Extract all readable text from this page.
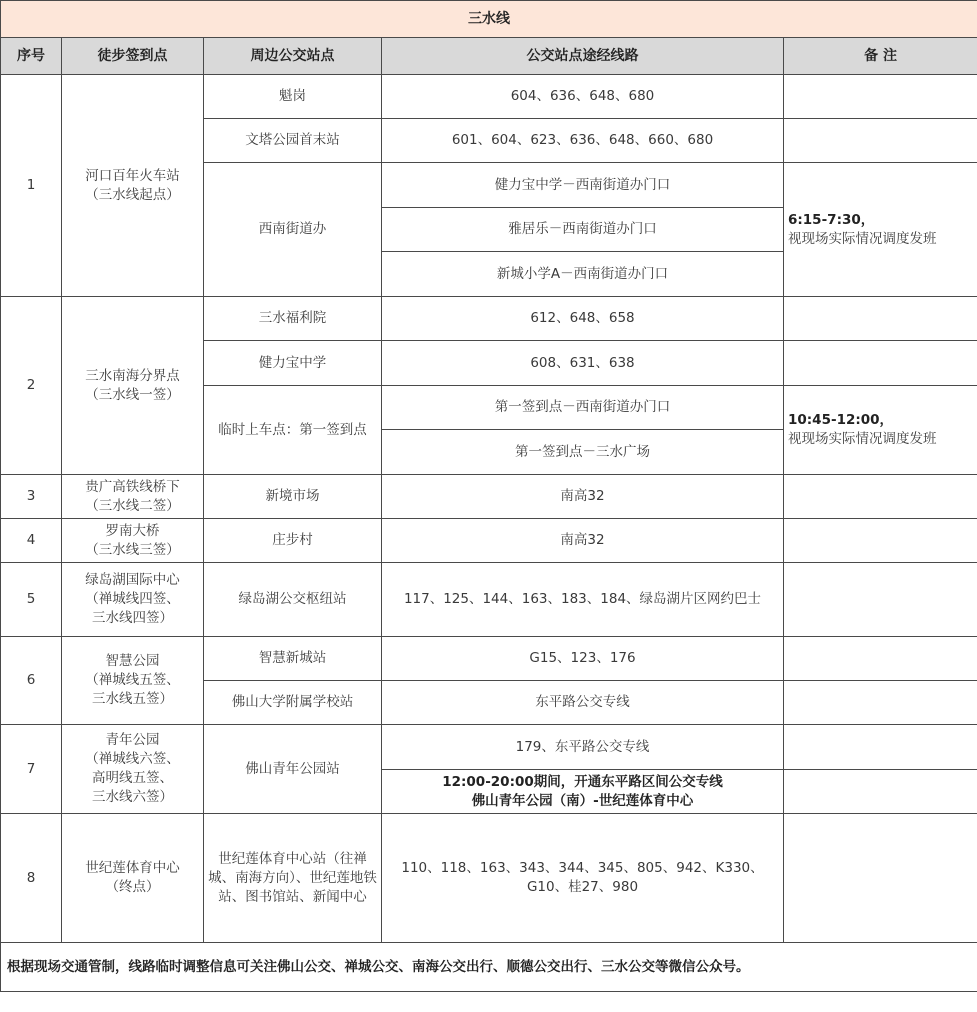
三水线				
序号	徒步签到点	周边公交站点	公交站点途经线路	备 注
1	河口百年火车站
（三水线起点）	魁岗	604、636、648、680	
		文塔公园首末站	601、604、623、636、648、660、680	
		西南街道办	健力宝中学－西南街道办门口	6:15-7:30，
视现场实际情况调度发班

			雅居乐－西南街道办门口	
			新城小学A－西南街道办门口	
2	三水南海分界点
（三水线一签）	三水福利院	612、648、658	
		健力宝中学	608、631、638	
		临时上车点：第一签到点	第一签到点－西南街道办门口	10:45-12:00，
视现场实际情况调度发班

			第一签到点－三水广场	
3	贵广高铁线桥下
（三水线二签）	新境市场	南高32	
4	罗南大桥
（三水线三签）	庄步村	南高32	
5	绿岛湖国际中心
（禅城线四签、
三水线四签）	绿岛湖公交枢纽站	117、125、144、163、183、184、绿岛湖片区网约巴士	
6	智慧公园
（禅城线五签、
三水线五签）	智慧新城站	G15、123、176	
		佛山大学附属学校站	东平路公交专线	
7	青年公园
（禅城线六签、
高明线五签、
三水线六签）	佛山青年公园站	179、东平路公交专线	

			12:00-20:00期间，开通东平路区间公交专线
佛山青年公园（南）-世纪莲体育中心	

8	世纪莲体育中心
（终点）	世纪莲体育中心站（往禅城、南海方向）、世纪莲地铁站、图书馆站、新闻中心	110、118、163、343、344、345、805、942、K330、G10、桂27、980	
根据现场交通管制，线路临时调整信息可关注佛山公交、禅城公交、南海公交出行、顺德公交出行、三水公交等微信公众号。				
